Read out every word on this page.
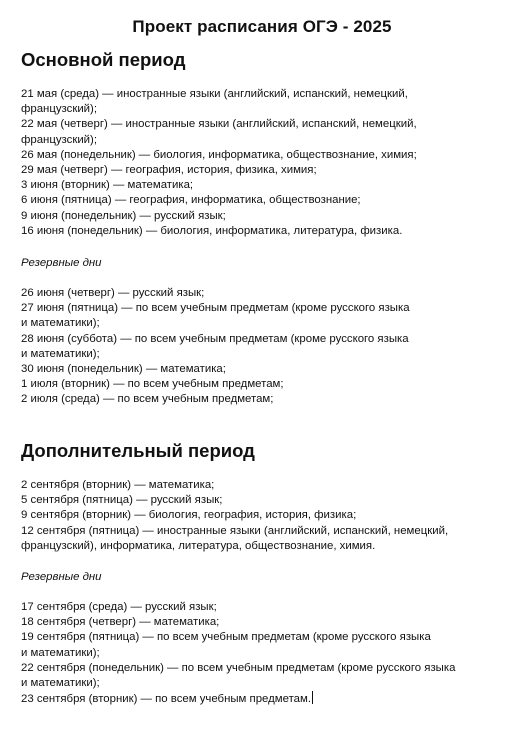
Проект расписания ОГЭ - 2025
Основной период
21 мая (среда) — иностранные языки (английский, испанский, немецкий,
французский);
22 мая (четверг) — иностранные языки (английский, испанский, немецкий,
французский);
26 мая (понедельник) — биология, информатика, обществознание, химия;
29 мая (четверг) — география, история, физика, химия;
3 июня (вторник) — математика;
6 июня (пятница) — география, информатика, обществознание;
9 июня (понедельник) — русский язык;
16 июня (понедельник) — биология, информатика, литература, физика.

Резервные дни

26 июня (четверг) — русский язык;
27 июня (пятница) — по всем учебным предметам (кроме русского языка
и математики);
28 июня (суббота) — по всем учебным предметам (кроме русского языка
и математики);
30 июня (понедельник) — математика;
1 июля (вторник) — по всем учебным предметам;
2 июля (среда) — по всем учебным предметам;
Дополнительный период
2 сентября (вторник) — математика;
5 сентября (пятница) — русский язык;
9 сентября (вторник) — биология, география, история, физика;
12 сентября (пятница) — иностранные языки (английский, испанский, немецкий,
французский), информатика, литература, обществознание, химия.

Резервные дни

17 сентября (среда) — русский язык;
18 сентября (четверг) — математика;
19 сентября (пятница) — по всем учебным предметам (кроме русского языка
и математики);
22 сентября (понедельник) — по всем учебным предметам (кроме русского языка
и математики);
23 сентября (вторник) — по всем учебным предметам.
